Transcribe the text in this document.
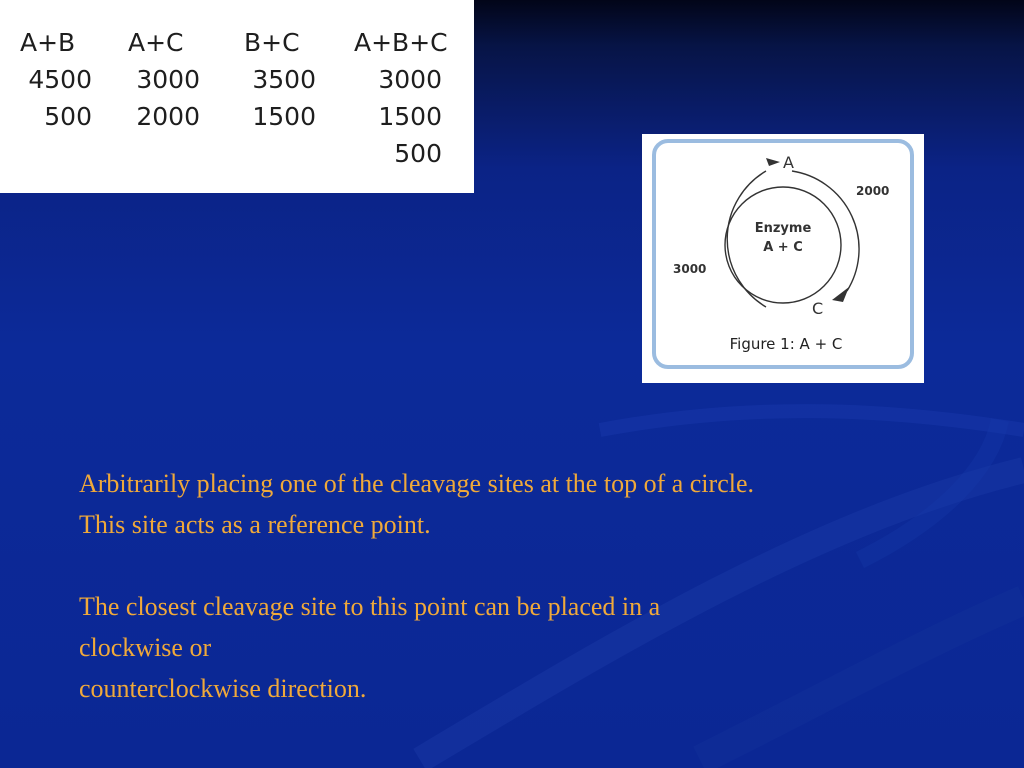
A+B
4500
500
A+C
3000
2000
B+C
3500
1500
A+B+C
3000
1500
500	A
C
2000
3000
Enzyme
A + C
Figure 1: A + C

Arbitrarily placing one of the cleavage sites at the top of a circle.

This site acts as a reference point.

The closest cleavage site to this point can be placed in a

clockwise or

counterclockwise direction.
